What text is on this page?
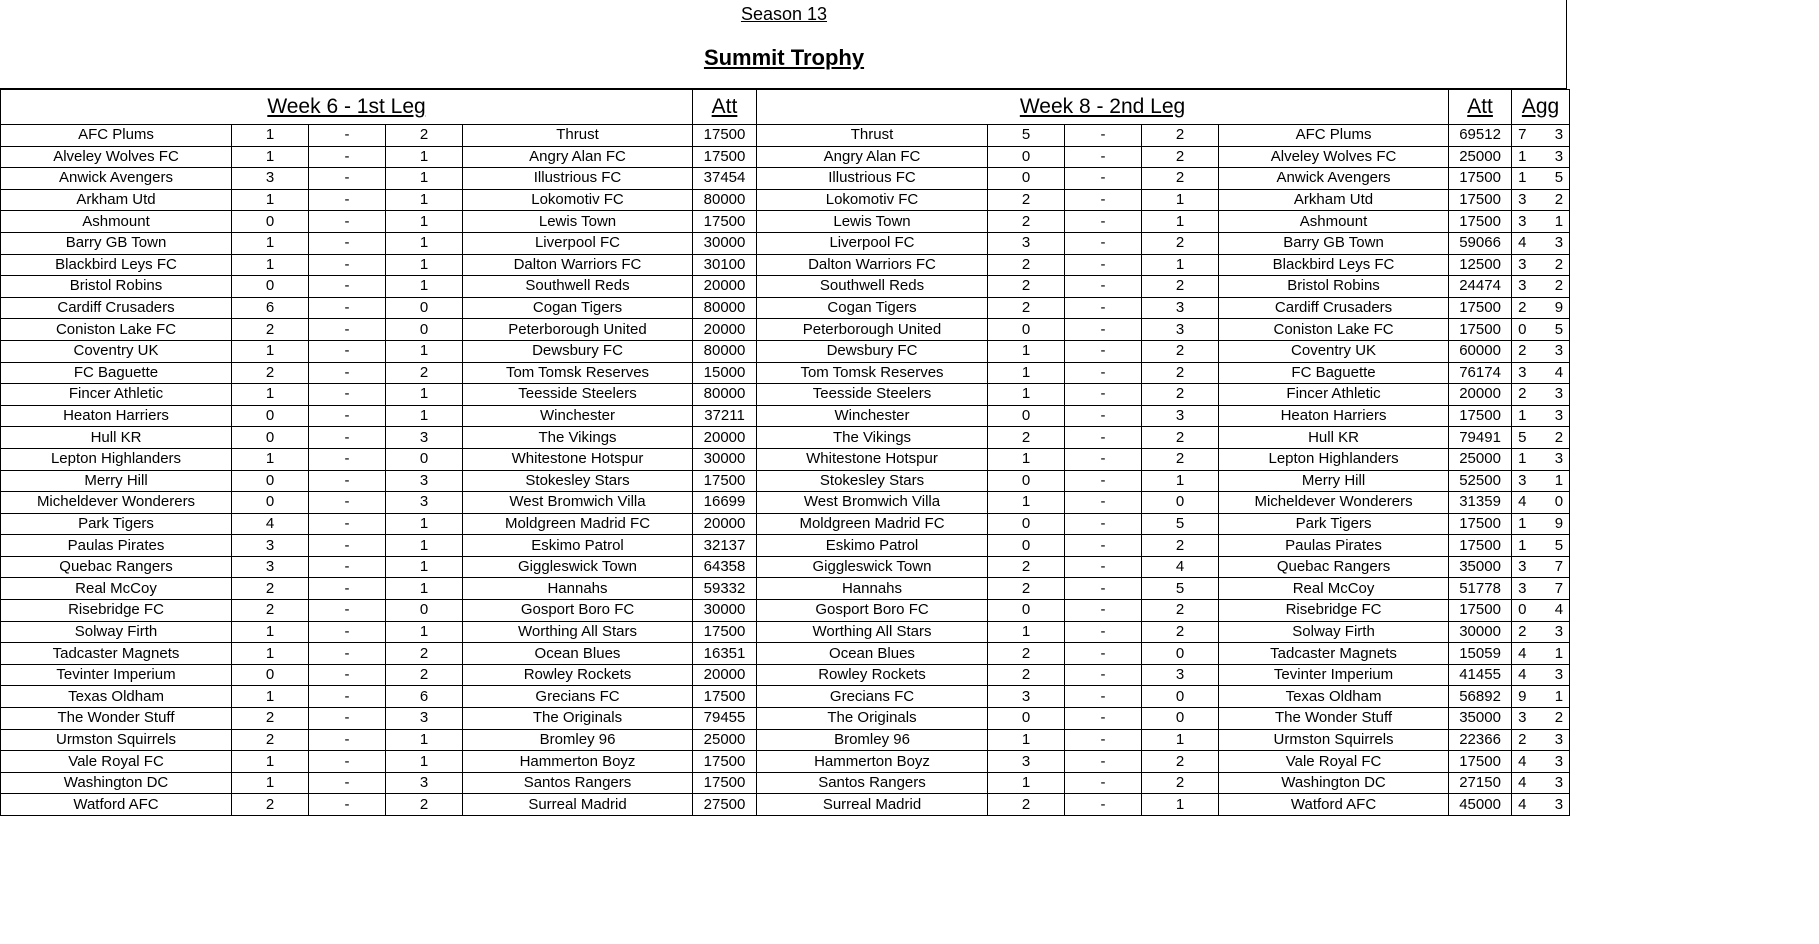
Season 13
Summit Trophy
Week 6 - 1st Leg					Att	Week 8 - 2nd Leg					Att	Agg	
AFC Plums	1	-	2	Thrust	17500	Thrust	5	-	2	AFC Plums	69512	7	3
Alveley Wolves FC	1	-	1	Angry Alan FC	17500	Angry Alan FC	0	-	2	Alveley Wolves FC	25000	1	3
Anwick Avengers	3	-	1	Illustrious FC	37454	Illustrious FC	0	-	2	Anwick Avengers	17500	1	5
Arkham Utd	1	-	1	Lokomotiv FC	80000	Lokomotiv FC	2	-	1	Arkham Utd	17500	3	2
Ashmount	0	-	1	Lewis Town	17500	Lewis Town	2	-	1	Ashmount	17500	3	1
Barry GB Town	1	-	1	Liverpool FC	30000	Liverpool FC	3	-	2	Barry GB Town	59066	4	3
Blackbird Leys FC	1	-	1	Dalton Warriors FC	30100	Dalton Warriors FC	2	-	1	Blackbird Leys FC	12500	3	2
Bristol Robins	0	-	1	Southwell Reds	20000	Southwell Reds	2	-	2	Bristol Robins	24474	3	2
Cardiff Crusaders	6	-	0	Cogan Tigers	80000	Cogan Tigers	2	-	3	Cardiff Crusaders	17500	2	9
Coniston Lake FC	2	-	0	Peterborough United	20000	Peterborough United	0	-	3	Coniston Lake FC	17500	0	5
Coventry UK	1	-	1	Dewsbury FC	80000	Dewsbury FC	1	-	2	Coventry UK	60000	2	3
FC Baguette	2	-	2	Tom Tomsk Reserves	15000	Tom Tomsk Reserves	1	-	2	FC Baguette	76174	3	4
Fincer Athletic	1	-	1	Teesside Steelers	80000	Teesside Steelers	1	-	2	Fincer Athletic	20000	2	3
Heaton Harriers	0	-	1	Winchester	37211	Winchester	0	-	3	Heaton Harriers	17500	1	3
Hull KR	0	-	3	The Vikings	20000	The Vikings	2	-	2	Hull KR	79491	5	2
Lepton Highlanders	1	-	0	Whitestone Hotspur	30000	Whitestone Hotspur	1	-	2	Lepton Highlanders	25000	1	3
Merry Hill	0	-	3	Stokesley Stars	17500	Stokesley Stars	0	-	1	Merry Hill	52500	3	1
Micheldever Wonderers	0	-	3	West Bromwich Villa	16699	West Bromwich Villa	1	-	0	Micheldever Wonderers	31359	4	0
Park Tigers	4	-	1	Moldgreen Madrid FC	20000	Moldgreen Madrid FC	0	-	5	Park Tigers	17500	1	9
Paulas Pirates	3	-	1	Eskimo Patrol	32137	Eskimo Patrol	0	-	2	Paulas Pirates	17500	1	5
Quebac Rangers	3	-	1	Giggleswick Town	64358	Giggleswick Town	2	-	4	Quebac Rangers	35000	3	7
Real McCoy	2	-	1	Hannahs	59332	Hannahs	2	-	5	Real McCoy	51778	3	7
Risebridge FC	2	-	0	Gosport Boro FC	30000	Gosport Boro FC	0	-	2	Risebridge FC	17500	0	4
Solway Firth	1	-	1	Worthing All Stars	17500	Worthing All Stars	1	-	2	Solway Firth	30000	2	3
Tadcaster Magnets	1	-	2	Ocean Blues	16351	Ocean Blues	2	-	0	Tadcaster Magnets	15059	4	1
Tevinter Imperium	0	-	2	Rowley Rockets	20000	Rowley Rockets	2	-	3	Tevinter Imperium	41455	4	3
Texas Oldham	1	-	6	Grecians FC	17500	Grecians FC	3	-	0	Texas Oldham	56892	9	1
The Wonder Stuff	2	-	3	The Originals	79455	The Originals	0	-	0	The Wonder Stuff	35000	3	2
Urmston Squirrels	2	-	1	Bromley 96	25000	Bromley 96	1	-	1	Urmston Squirrels	22366	2	3
Vale Royal FC	1	-	1	Hammerton Boyz	17500	Hammerton Boyz	3	-	2	Vale Royal FC	17500	4	3
Washington DC	1	-	3	Santos Rangers	17500	Santos Rangers	1	-	2	Washington DC	27150	4	3
Watford AFC	2	-	2	Surreal Madrid	27500	Surreal Madrid	2	-	1	Watford AFC	45000	4	3
